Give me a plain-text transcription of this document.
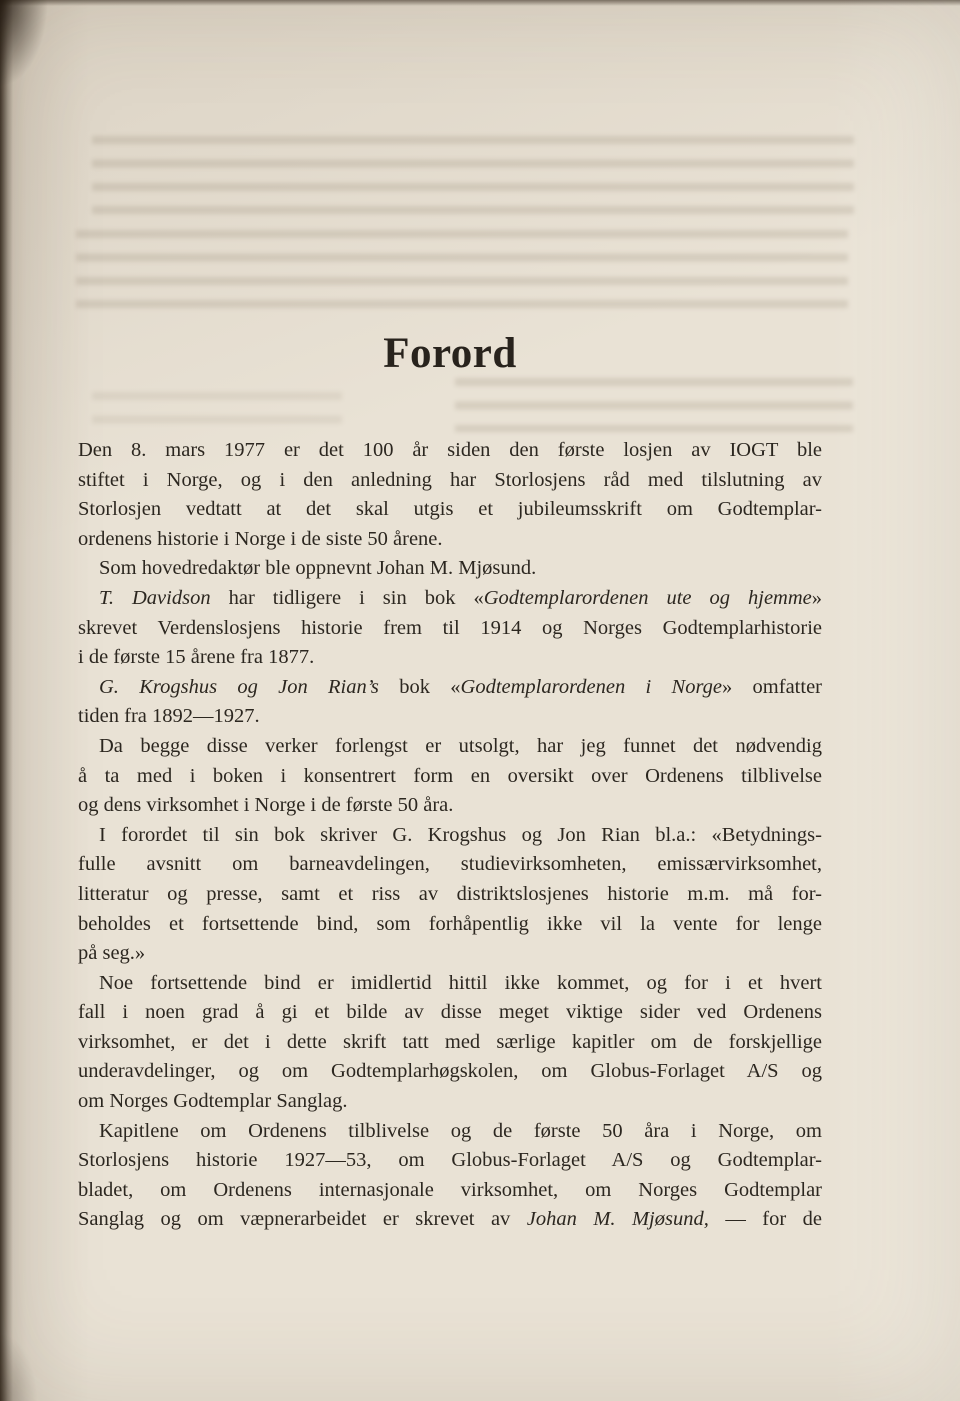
Forord
Den 8. mars 1977 er det 100 år siden den første losjen av IOGT ble
stiftet i Norge, og i den anledning har Storlosjens råd med tilslutning av
Storlosjen vedtatt at det skal utgis et jubileumsskrift om Godtemplar-
ordenens historie i Norge i de siste 50 årene.
Som hovedredaktør ble oppnevnt Johan M. Mjøsund.
T. Davidson har tidligere i sin bok «Godtemplarordenen ute og hjemme»
skrevet Verdenslosjens historie frem til 1914 og Norges Godtemplarhistorie
i de første 15 årene fra 1877.
G. Krogshus og Jon Rian’s bok «Godtemplarordenen i Norge» omfatter
tiden fra 1892—1927.
Da begge disse verker forlengst er utsolgt, har jeg funnet det nødvendig
å ta med i boken i konsentrert form en oversikt over Ordenens tilblivelse
og dens virksomhet i Norge i de første 50 åra.
I forordet til sin bok skriver G. Krogshus og Jon Rian bl.a.: «Betydnings-
fulle avsnitt om barneavdelingen, studievirksomheten, emissærvirksomhet,
litteratur og presse, samt et riss av distriktslosjenes historie m.m. må for-
beholdes et fortsettende bind, som forhåpentlig ikke vil la vente for lenge
på seg.»
Noe fortsettende bind er imidlertid hittil ikke kommet, og for i et hvert
fall i noen grad å gi et bilde av disse meget viktige sider ved Ordenens
virksomhet, er det i dette skrift tatt med særlige kapitler om de forskjellige
underavdelinger, og om Godtemplarhøgskolen, om Globus-Forlaget A/S og
om Norges Godtemplar Sanglag.
Kapitlene om Ordenens tilblivelse og de første 50 åra i Norge, om
Storlosjens historie 1927—53, om Globus-Forlaget A/S og Godtemplar-
bladet, om Ordenens internasjonale virksomhet, om Norges Godtemplar
Sanglag og om væpnerarbeidet er skrevet av Johan M. Mjøsund, — for de
